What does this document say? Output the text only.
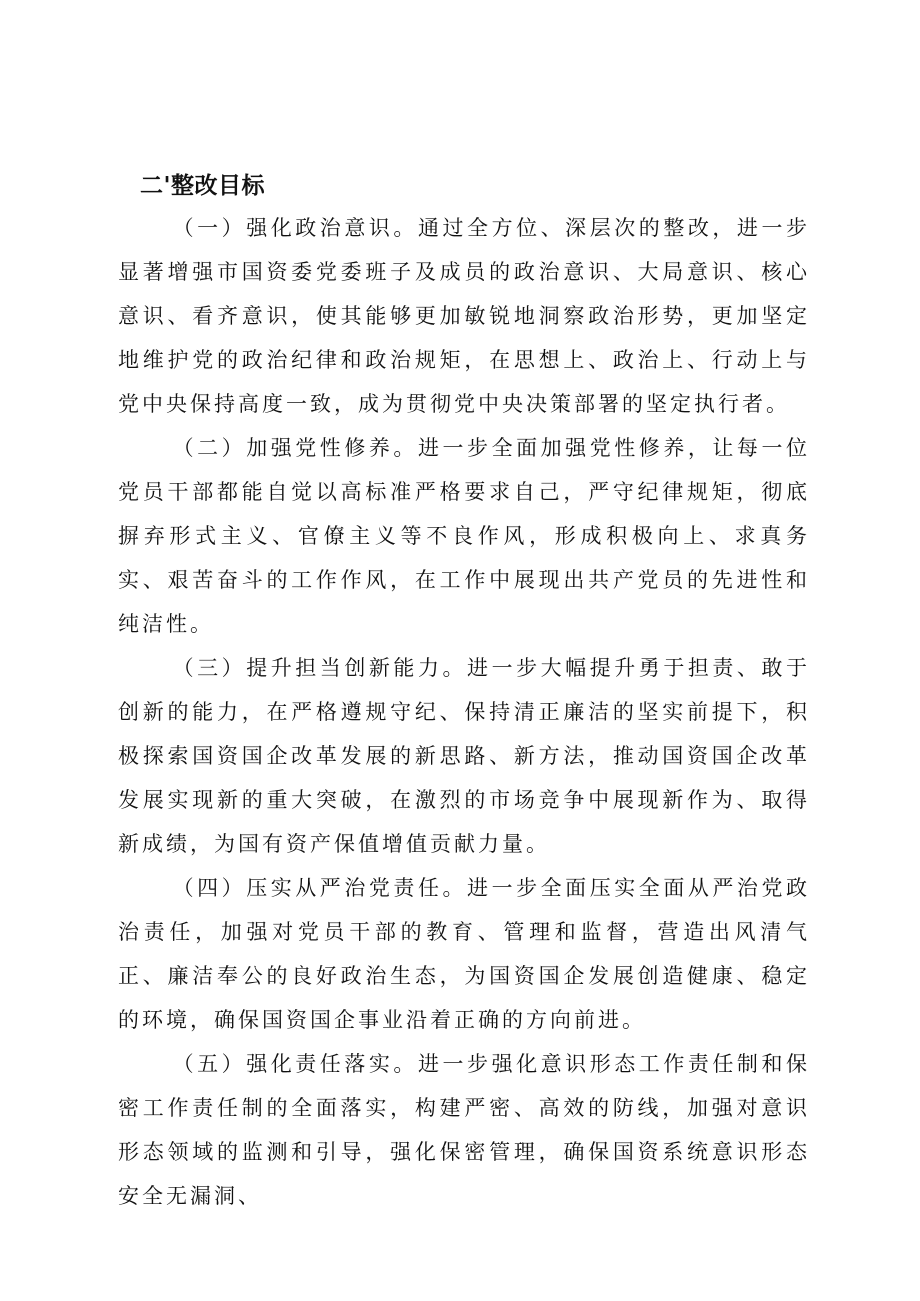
二'整改目标

（一）强化政治意识。通过全方位、深层次的整改，进一步显著增强市国资委党委班子及成员的政治意识、大局意识、核心意识、看齐意识，使其能够更加敏锐地洞察政治形势，更加坚定地维护党的政治纪律和政治规矩，在思想上、政治上、行动上与党中央保持高度一致，成为贯彻党中央决策部署的坚定执行者。

（二）加强党性修养。进一步全面加强党性修养，让每一位党员干部都能自觉以高标准严格要求自己，严守纪律规矩，彻底摒弃形式主义、官僚主义等不良作风，形成积极向上、求真务实、艰苦奋斗的工作作风，在工作中展现出共产党员的先进性和纯洁性。

（三）提升担当创新能力。进一步大幅提升勇于担责、敢于创新的能力，在严格遵规守纪、保持清正廉洁的坚实前提下，积极探索国资国企改革发展的新思路、新方法，推动国资国企改革发展实现新的重大突破，在激烈的市场竞争中展现新作为、取得新成绩，为国有资产保值增值贡献力量。

（四）压实从严治党责任。进一步全面压实全面从严治党政治责任，加强对党员干部的教育、管理和监督，营造出风清气正、廉洁奉公的良好政治生态，为国资国企发展创造健康、稳定的环境，确保国资国企事业沿着正确的方向前进。

（五）强化责任落实。进一步强化意识形态工作责任制和保密工作责任制的全面落实，构建严密、高效的防线，加强对意识形态领域的监测和引导，强化保密管理，确保国资系统意识形态安全无漏洞、
